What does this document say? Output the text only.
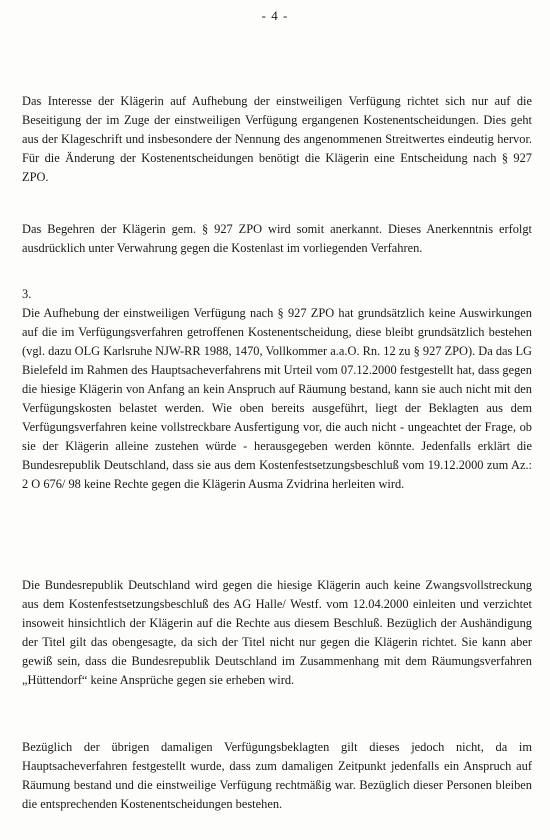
- 4 -

Das Interesse der Klägerin auf Aufhebung der einstweiligen Verfügung richtet sich nur auf die Beseitigung der im Zuge der einstweiligen Verfügung ergangenen Kostenentscheidungen. Dies geht aus der Klageschrift und insbesondere der Nennung des angenommenen Streitwertes eindeutig hervor. Für die Änderung der Kostenentscheidungen benötigt die Klägerin eine Entscheidung nach § 927 ZPO.

Das Begehren der Klägerin gem. § 927 ZPO wird somit anerkannt. Dieses Anerkenntnis erfolgt ausdrücklich unter Verwahrung gegen die Kostenlast im vorliegenden Verfahren.

3.

Die Aufhebung der einstweiligen Verfügung nach § 927 ZPO hat grundsätzlich keine Auswirkungen auf die im Verfügungsverfahren getroffenen Kostenentscheidung, diese bleibt grundsätzlich bestehen (vgl. dazu OLG Karlsruhe NJW-RR 1988, 1470, Vollkommer a.a.O. Rn. 12 zu § 927 ZPO). Da das LG Bielefeld im Rahmen des Hauptsacheverfahrens mit Urteil vom 07.12.2000 festgestellt hat, dass gegen die hiesige Klägerin von Anfang an kein Anspruch auf Räumung bestand, kann sie auch nicht mit den Verfügungskosten belastet werden. Wie oben bereits ausgeführt, liegt der Beklagten aus dem Verfügungsverfahren keine vollstreckbare Ausfertigung vor, die auch nicht - ungeachtet der Frage, ob sie der Klägerin alleine zustehen würde - herausgegeben werden könnte. Jedenfalls erklärt die Bundesrepublik Deutschland, dass sie aus dem Kostenfestsetzungsbeschluß vom 19.12.2000 zum Az.: 2 O 676/ 98 keine Rechte gegen die Klägerin Ausma Zvidrina herleiten wird.

Die Bundesrepublik Deutschland wird gegen die hiesige Klägerin auch keine Zwangsvollstreckung aus dem Kostenfestsetzungsbeschluß des AG Halle/ Westf. vom 12.04.2000 einleiten und verzichtet insoweit hinsichtlich der Klägerin auf die Rechte aus diesem Beschluß. Bezüglich der Aushändigung der Titel gilt das obengesagte, da sich der Titel nicht nur gegen die Klägerin richtet. Sie kann aber gewiß sein, dass die Bundesrepublik Deutschland im Zusammenhang mit dem Räumungsverfahren „Hüttendorf“ keine Ansprüche gegen sie erheben wird.

Bezüglich der übrigen damaligen Verfügungsbeklagten gilt dieses jedoch nicht, da im Hauptsacheverfahren festgestellt wurde, dass zum damaligen Zeitpunkt jedenfalls ein Anspruch auf Räumung bestand und die einstweilige Verfügung rechtmäßig war. Bezüglich dieser Personen bleiben die entsprechenden Kostenentscheidungen bestehen.
